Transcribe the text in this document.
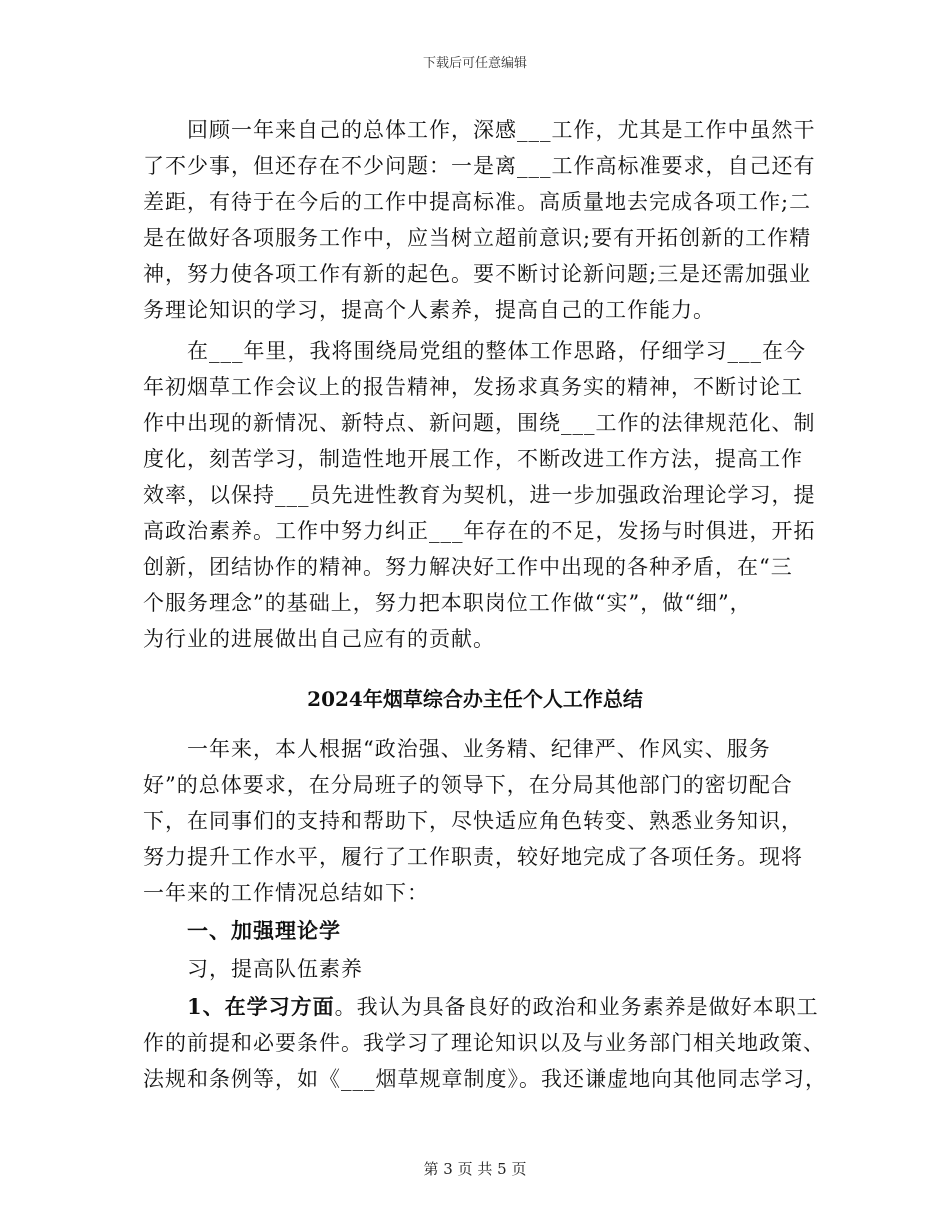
下载后可任意编辑
　　回顾一年来自己的总体工作，深感___工作，尤其是工作中虽然干
了不少事，但还存在不少问题：一是离___工作高标准要求，自己还有
差距，有待于在今后的工作中提高标准。高质量地去完成各项工作;二
是在做好各项服务工作中，应当树立超前意识;要有开拓创新的工作精
神，努力使各项工作有新的起色。要不断讨论新问题;三是还需加强业
务理论知识的学习，提高个人素养，提高自己的工作能力。
　　在___年里，我将围绕局党组的整体工作思路，仔细学习___在今
年初烟草工作会议上的报告精神，发扬求真务实的精神，不断讨论工
作中出现的新情况、新特点、新问题，围绕___工作的法律规范化、制
度化，刻苦学习，制造性地开展工作，不断改进工作方法，提高工作
效率，以保持___员先进性教育为契机，进一步加强政治理论学习，提
高政治素养。工作中努力纠正___年存在的不足，发扬与时俱进，开拓
创新，团结协作的精神。努力解决好工作中出现的各种矛盾，在“三
个服务理念”的基础上，努力把本职岗位工作做“实”，做“细”，
为行业的进展做出自己应有的贡献。
2024年烟草综合办主任个人工作总结
　　一年来，本人根据“政治强、业务精、纪律严、作风实、服务
好”的总体要求，在分局班子的领导下，在分局其他部门的密切配合
下，在同事们的支持和帮助下，尽快适应角色转变、熟悉业务知识，
努力提升工作水平，履行了工作职责，较好地完成了各项任务。现将
一年来的工作情况总结如下：
　　一、加强理论学
　　习，提高队伍素养
　　1、在学习方面。我认为具备良好的政治和业务素养是做好本职工
作的前提和必要条件。我学习了理论知识以及与业务部门相关地政策、
法规和条例等，如《___烟草规章制度》。我还谦虚地向其他同志学习，
第 3 页 共 5 页
